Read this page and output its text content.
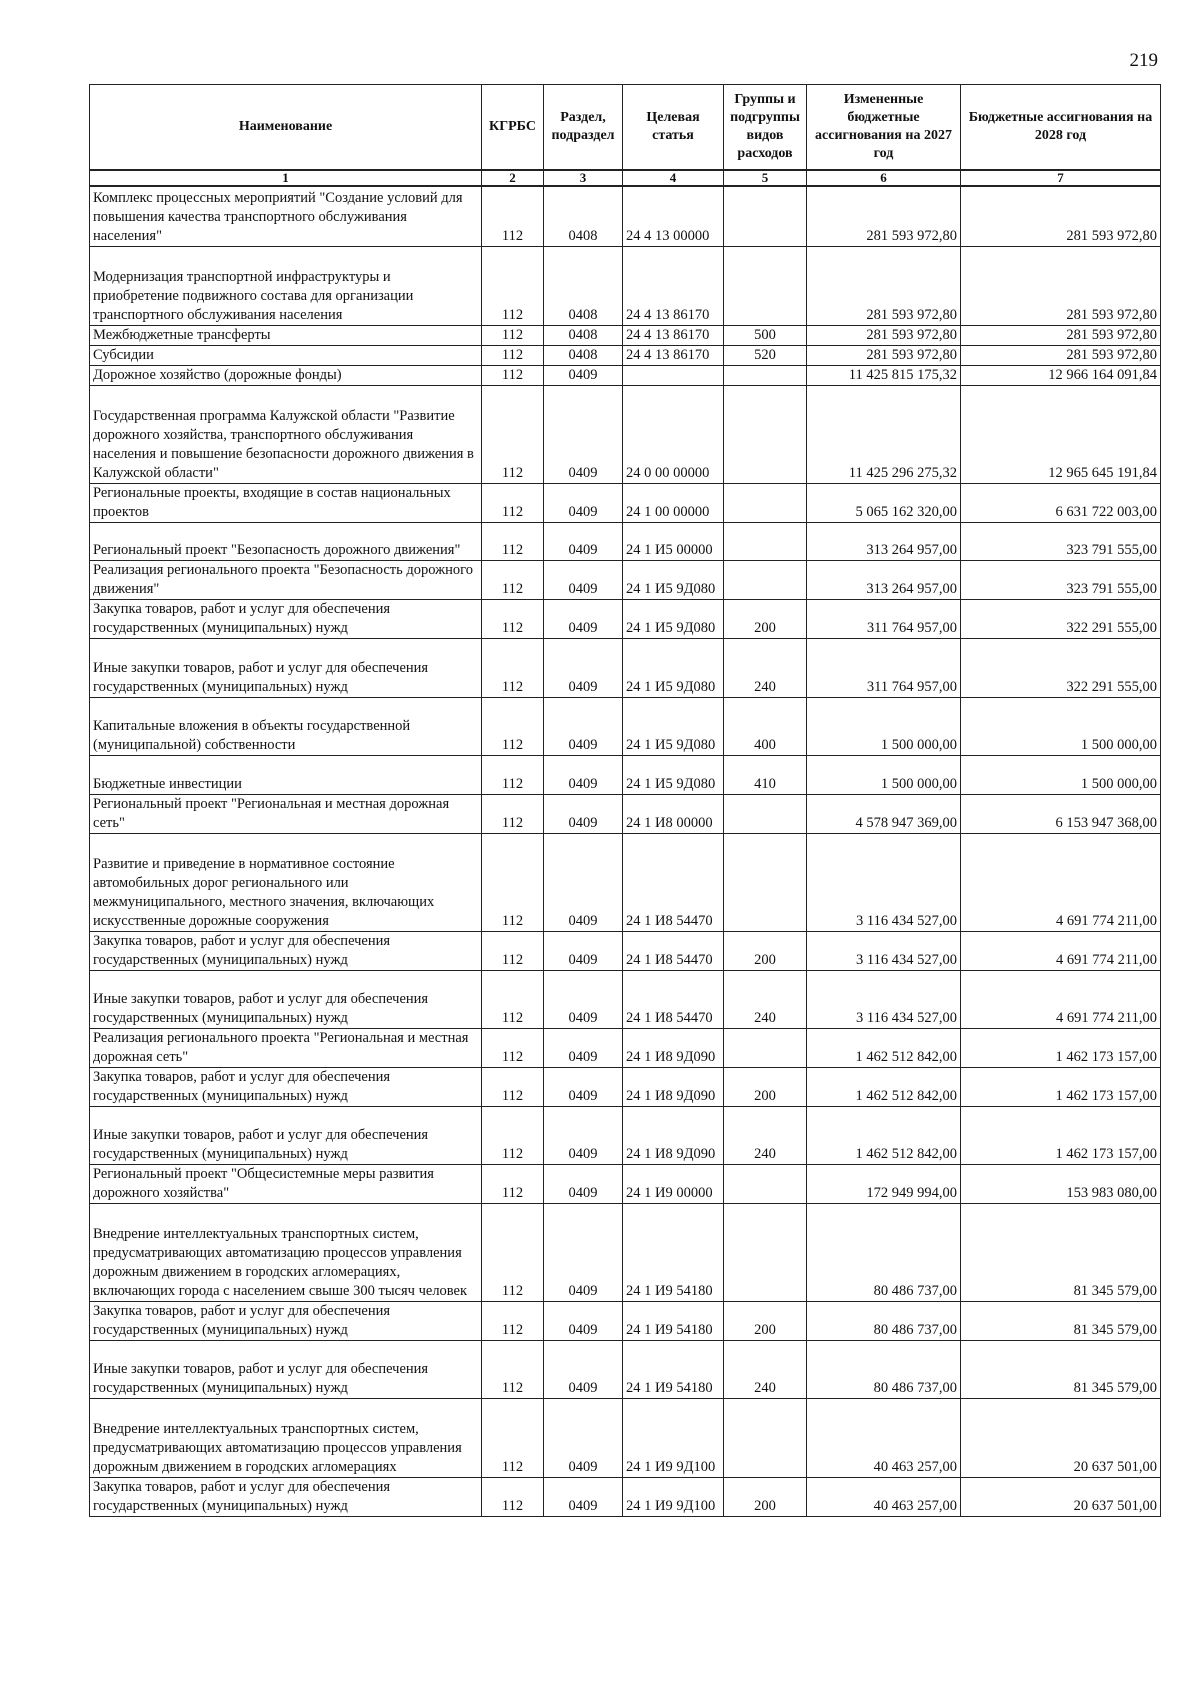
219
Наименование	КГРБС	Раздел, подраздел	Целевая статья	Группы и подгруппы видов расходов	Измененные бюджетные ассигнования на 2027 год	Бюджетные ассигнования на 2028 год
1	2	3	4	5	6	7
Комплекс процессных мероприятий "Создание условий для повышения качества транспортного обслуживания населения"	112	0408	24 4 13 00000		281 593 972,80	281 593 972,80
Модернизация транспортной инфраструктуры и приобретение подвижного состава для организации транспортного обслуживания населения	112	0408	24 4 13 86170		281 593 972,80	281 593 972,80
Межбюджетные трансферты	112	0408	24 4 13 86170	500	281 593 972,80	281 593 972,80
Субсидии	112	0408	24 4 13 86170	520	281 593 972,80	281 593 972,80
Дорожное хозяйство (дорожные фонды)	112	0409			11 425 815 175,32	12 966 164 091,84
Государственная программа Калужской области "Развитие дорожного хозяйства, транспортного обслуживания населения и повышение безопасности дорожного движения в Калужской области"	112	0409	24 0 00 00000		11 425 296 275,32	12 965 645 191,84
Региональные проекты, входящие в состав национальных проектов	112	0409	24 1 00 00000		5 065 162 320,00	6 631 722 003,00
Региональный проект "Безопасность дорожного движения"	112	0409	24 1 И5 00000		313 264 957,00	323 791 555,00
Реализация регионального проекта "Безопасность дорожного движения"	112	0409	24 1 И5 9Д080		313 264 957,00	323 791 555,00
Закупка товаров, работ и услуг для обеспечения государственных (муниципальных) нужд	112	0409	24 1 И5 9Д080	200	311 764 957,00	322 291 555,00
Иные закупки товаров, работ и услуг для обеспечения государственных (муниципальных) нужд	112	0409	24 1 И5 9Д080	240	311 764 957,00	322 291 555,00
Капитальные вложения в объекты государственной (муниципальной) собственности	112	0409	24 1 И5 9Д080	400	1 500 000,00	1 500 000,00
Бюджетные инвестиции	112	0409	24 1 И5 9Д080	410	1 500 000,00	1 500 000,00
Региональный проект "Региональная и местная дорожная сеть"	112	0409	24 1 И8 00000		4 578 947 369,00	6 153 947 368,00
Развитие и приведение в нормативное состояние автомобильных дорог регионального или межмуниципального, местного значения, включающих искусственные дорожные сооружения	112	0409	24 1 И8 54470		3 116 434 527,00	4 691 774 211,00
Закупка товаров, работ и услуг для обеспечения государственных (муниципальных) нужд	112	0409	24 1 И8 54470	200	3 116 434 527,00	4 691 774 211,00
Иные закупки товаров, работ и услуг для обеспечения государственных (муниципальных) нужд	112	0409	24 1 И8 54470	240	3 116 434 527,00	4 691 774 211,00
Реализация регионального проекта "Региональная и местная дорожная сеть"	112	0409	24 1 И8 9Д090		1 462 512 842,00	1 462 173 157,00
Закупка товаров, работ и услуг для обеспечения государственных (муниципальных) нужд	112	0409	24 1 И8 9Д090	200	1 462 512 842,00	1 462 173 157,00
Иные закупки товаров, работ и услуг для обеспечения государственных (муниципальных) нужд	112	0409	24 1 И8 9Д090	240	1 462 512 842,00	1 462 173 157,00
Региональный проект "Общесистемные меры развития дорожного хозяйства"	112	0409	24 1 И9 00000		172 949 994,00	153 983 080,00
Внедрение интеллектуальных транспортных систем, предусматривающих автоматизацию процессов управления дорожным движением в городских агломерациях, включающих города с населением свыше 300 тысяч человек	112	0409	24 1 И9 54180		80 486 737,00	81 345 579,00
Закупка товаров, работ и услуг для обеспечения государственных (муниципальных) нужд	112	0409	24 1 И9 54180	200	80 486 737,00	81 345 579,00
Иные закупки товаров, работ и услуг для обеспечения государственных (муниципальных) нужд	112	0409	24 1 И9 54180	240	80 486 737,00	81 345 579,00
Внедрение интеллектуальных транспортных систем, предусматривающих автоматизацию процессов управления дорожным движением в городских агломерациях	112	0409	24 1 И9 9Д100		40 463 257,00	20 637 501,00
Закупка товаров, работ и услуг для обеспечения государственных (муниципальных) нужд	112	0409	24 1 И9 9Д100	200	40 463 257,00	20 637 501,00
